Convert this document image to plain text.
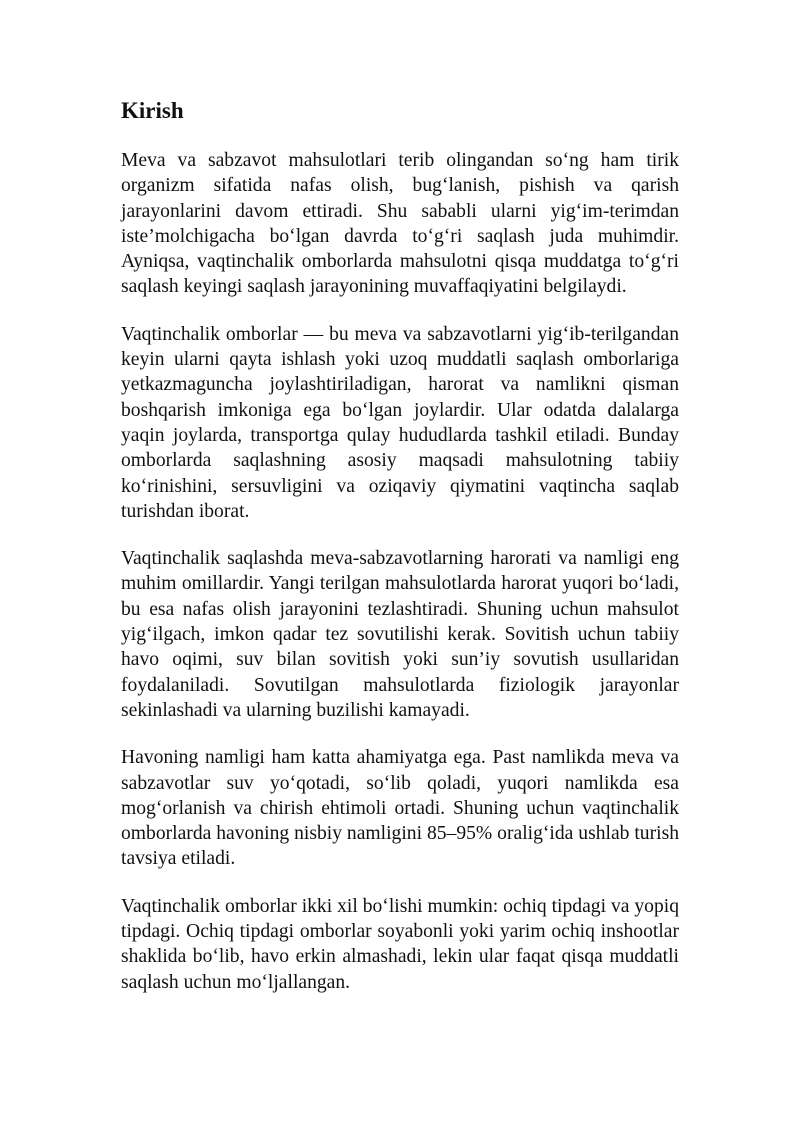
Kirish

Meva va sabzavot mahsulotlari terib olingandan so‘ng ham tirik organizm sifatida nafas olish, bug‘lanish, pishish va qarish jarayonlarini davom ettiradi. Shu sababli ularni yig‘im-terimdan iste’molchigacha bo‘lgan davrda to‘g‘ri saqlash juda muhimdir. Ayniqsa, vaqtinchalik omborlarda mahsulotni qisqa muddatga to‘g‘ri saqlash keyingi saqlash jarayonining muvaffaqiyatini belgilaydi.

Vaqtinchalik omborlar — bu meva va sabzavotlarni yig‘ib-terilgandan keyin ularni qayta ishlash yoki uzoq muddatli saqlash omborlariga yetkazmaguncha joylashtiriladigan, harorat va namlikni qisman boshqarish imkoniga ega bo‘lgan joylardir. Ular odatda dalalarga yaqin joylarda, transportga qulay hududlarda tashkil etiladi. Bunday omborlarda saqlashning asosiy maqsadi mahsulotning tabiiy ko‘rinishini, sersuvligini va oziqaviy qiymatini vaqtincha saqlab turishdan iborat.

Vaqtinchalik saqlashda meva-sabzavotlarning harorati va namligi eng muhim omillardir. Yangi terilgan mahsulotlarda harorat yuqori bo‘ladi, bu esa nafas olish jarayonini tezlashtiradi. Shuning uchun mahsulot yig‘ilgach, imkon qadar tez sovutilishi kerak. Sovitish uchun tabiiy havo oqimi, suv bilan sovitish yoki sun’iy sovutish usullaridan foydalaniladi. Sovutilgan mahsulotlarda fiziologik jarayonlar sekinlashadi va ularning buzilishi kamayadi.

Havoning namligi ham katta ahamiyatga ega. Past namlikda meva va sabzavotlar suv yo‘qotadi, so‘lib qoladi, yuqori namlikda esa mog‘orlanish va chirish ehtimoli ortadi. Shuning uchun vaqtinchalik omborlarda havoning nisbiy namligini 85–95% oralig‘ida ushlab turish tavsiya etiladi.

Vaqtinchalik omborlar ikki xil bo‘lishi mumkin: ochiq tipdagi va yopiq tipdagi. Ochiq tipdagi omborlar soyabonli yoki yarim ochiq inshootlar shaklida bo‘lib, havo erkin almashadi, lekin ular faqat qisqa muddatli saqlash uchun mo‘ljallangan.
